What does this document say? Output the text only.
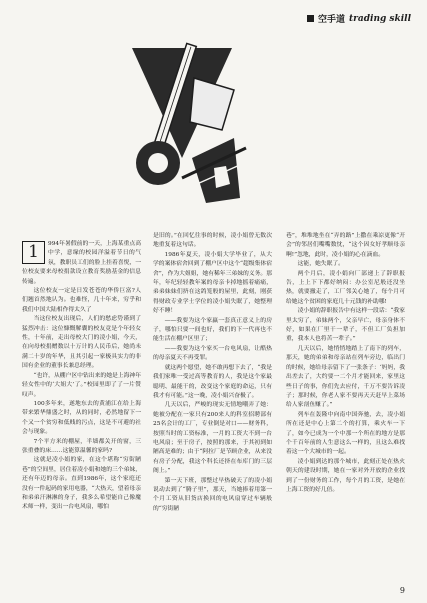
空手道 trading skill
1	994年暑假前的一天，上海某重点高中学，意缘的校园洋溢着节日的气氛，教职员工们的脸上挂着喜悦，一位校友要来母校捐款设立教育奖励基金的信息传遍。

这位校友一定是日发苍苍的华侨巨富?人们翘首然地认为。也难怪，几十年来，穷乎和我们中国大陆相作得太久了

当这位校友出现后，人们的愁虑势谨到了猛烈冲击：这位慷慨解囊的校友竟是个年轻女性，十年前，走出母校大门的凌小娟，今天，在向母校捐赠数以十万计的人民币后，她尚未满二十岁的年华，且其引起一家极具实力的非国有企业的董事长兼总经理。

“也许，从棚户区中钻出来的她是上海神年轻女性中的‘大姐大’了。”校园里即了了一片赞叹声。

100多年来，遂地东去的黄浦江在给上海带来繁华鼎盛之时，从的同时，必然地留下一个又一个贫穷和低贱的污点，这是不可避的社会与现象。

7个平方米的棚屋，半墙都关开的窗，三张重叠的床……这能算温馨的家吗?

这就是凌小娟的家，在这个堪称“穷街陋巷”的空间里，居住着凌小娟和她的三个弟妹，还有年迈的母亲。直到1986年，这个家庭还没有一件起码的家用电器，“大热天，望着母亲和弟弟汗淋淋的身子，我多么希望能自己像魔术师一样，变出一台电风扇，哪怕

是旧的。”在回忆往事的时候，凌小娟曾无数次地重复着这句话。

1986年夏天，凌小娟大学毕业了，从大学的案体宿舍回到了棚户区中这个“超级集体宿舍”，作为大姐姐，她有稀年三弟妹的义务。那年，年纪轻轻教年案的母亲卡掉地摇着痛痛，弟弟妹妹们挤在这鸽笼般的屋里，此刻，刚获得财政专业学士学位的凌小娟失眠了，她整理好不睡！

——我要为这个家赢一套真正意义上的房子，哪怕只要一间也好，我们的下一代再也不能生活在棚户区里了；

——我要为这个家买一台电风扇，让酷热的母亲夏天不再受罪。

就这两个愿望，她不敢再想下去了，“我是我们家唯一受过高等教育的人，我是这个家最聪明、最能干的，改变这个家庭的命运，只有我才有可能。”这一晚，凌小娟兴奋极了。

几天以后，严峻的现实无情地嘲弄了她：她被分配在一家只有200来人的科室招聘部有25名会计的工厂，专业倒是对口——财务科，按照当时的工资标准，一月的工资大不到一台电风扇；至于房子，按照的那来，于其初到如陋高是难的；由于“阿拉厂是节顾企业，从来没有房子分配，我这个科长还挤在布库门的三层阁上。”

第一天下班，那整过早热破天了的凌小娟说动去到了“腾子里”，那天，当她捧着用第一个月工资从旧货店换回的电风扇穿过车辆般的“穷街陋

巷”，堆堆地坐在“弄的路”上撒在乘凉更像“开会”的邻居们嘴嘴数忱，“这个因女好孝顺母亲啊!”忽地，此时，凌小娟的心在滴血。

这能，她失眠了。

两个月后，凌小娟向厂部递上了辞职报告，上上下下都好纳闷：办公室尼般还没坐热，就要撤走了，工厂邻关心她了，每个月可给她这个贫困的家庭几十元钱的补助哪!

凌小娟的辞职报告中有这样一段话：“我家里太穷了，弟妹两个，父亲早亡，母亲身体不好，如果在厂里干一辈子，不但工厂负担加重，我本人也将苦一辈子。”

几天以后，她悄悄地踏上了南下的列车，那天，她的弟弟和母亲站在列车旁边，临出门的时候，她给母亲留下了一张条子：‘妈妈，我出差去了，大约要一二个月才能回来，家里这些日子的事，你们先去应付，千万不要告诉凌子；那时候，你老人家不要再天天赶早上菜场给人家剖鱼赚了。”

列车在轰隆中向南中国奔驰，去，凌小娟所在还是中心上第二个的打算，乘火车一下了，如今已成为一个中那一个所在的地方是那个千百年前的人生意这么一样的，且这么难找着这一个大城市的一起。

凌小娟到达的那个城市，此刻正处在热火朝天的建设时期，她在一家对外开放的企业找到了一份财务的工作，每个月的工资，是她在上海工资的好几倍。

9
